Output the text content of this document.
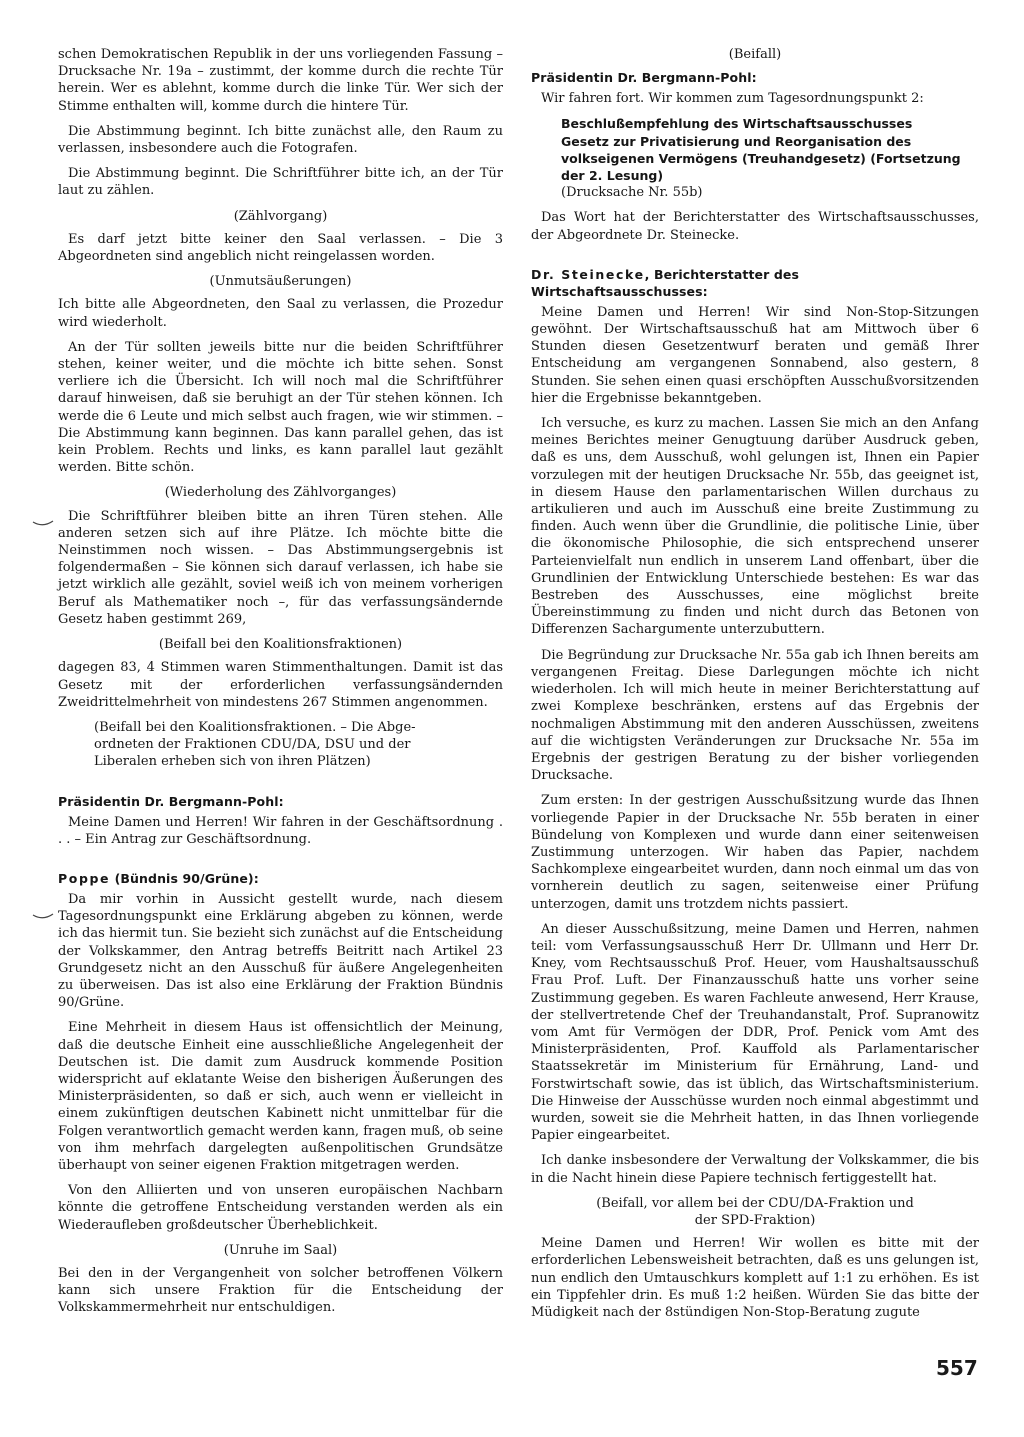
schen Demokratischen Republik in der uns vorliegenden Fassung – Drucksache Nr. 19a – zustimmt, der komme durch die rechte Tür herein. Wer es ablehnt, komme durch die linke Tür. Wer sich der Stimme enthalten will, komme durch die hintere Tür.

Die Abstimmung beginnt. Ich bitte zunächst alle, den Raum zu verlassen, insbesondere auch die Fotografen.

Die Abstimmung beginnt. Die Schriftführer bitte ich, an der Tür laut zu zählen.

(Zählvorgang)

Es darf jetzt bitte keiner den Saal verlassen. – Die 3 Abgeordneten sind angeblich nicht reingelassen worden.

(Unmutsäußerungen)

Ich bitte alle Abgeordneten, den Saal zu verlassen, die Prozedur wird wiederholt.

An der Tür sollten jeweils bitte nur die beiden Schriftführer stehen, keiner weiter, und die möchte ich bitte sehen. Sonst verliere ich die Übersicht. Ich will noch mal die Schriftführer darauf hinweisen, daß sie beruhigt an der Tür stehen können. Ich werde die 6 Leute und mich selbst auch fragen, wie wir stimmen. – Die Abstimmung kann beginnen. Das kann parallel gehen, das ist kein Problem. Rechts und links, es kann parallel laut gezählt werden. Bitte schön.

(Wiederholung des Zählvorganges)

Die Schriftführer bleiben bitte an ihren Türen stehen. Alle anderen setzen sich auf ihre Plätze. Ich möchte bitte die Neinstimmen noch wissen. – Das Abstimmungsergebnis ist folgendermaßen – Sie können sich darauf verlassen, ich habe sie jetzt wirklich alle gezählt, soviel weiß ich von meinem vorherigen Beruf als Mathematiker noch –, für das verfassungsändernde Gesetz haben gestimmt 269,

(Beifall bei den Koalitionsfraktionen)

dagegen 83, 4 Stimmen waren Stimmenthaltungen. Damit ist das Gesetz mit der erforderlichen verfassungsändernden Zweidrittelmehrheit von mindestens 267 Stimmen angenommen.

(Beifall bei den Koalitionsfraktionen. – Die Abge-
ordneten der Fraktionen CDU/DA, DSU und der
Liberalen erheben sich von ihren Plätzen)
Präsidentin Dr. Bergmann-Pohl:

Meine Damen und Herren! Wir fahren in der Geschäftsordnung . . . – Ein Antrag zur Geschäftsordnung.

Poppe (Bündnis 90/Grüne):

Da mir vorhin in Aussicht gestellt wurde, nach diesem Tagesordnungspunkt eine Erklärung abgeben zu können, werde ich das hiermit tun. Sie bezieht sich zunächst auf die Entscheidung der Volkskammer, den Antrag betreffs Beitritt nach Artikel 23 Grundgesetz nicht an den Ausschuß für äußere Angelegenheiten zu überweisen. Das ist also eine Erklärung der Fraktion Bündnis 90/Grüne.

Eine Mehrheit in diesem Haus ist offensichtlich der Meinung, daß die deutsche Einheit eine ausschließliche Angelegenheit der Deutschen ist. Die damit zum Ausdruck kommende Position widerspricht auf eklatante Weise den bisherigen Äußerungen des Ministerpräsidenten, so daß er sich, auch wenn er vielleicht in einem zukünftigen deutschen Kabinett nicht unmittelbar für die Folgen verantwortlich gemacht werden kann, fragen muß, ob seine von ihm mehrfach dargelegten außenpolitischen Grundsätze überhaupt von seiner eigenen Fraktion mitgetragen werden.

Von den Alliierten und von unseren europäischen Nachbarn könnte die getroffene Entscheidung verstanden werden als ein Wiederaufleben großdeutscher Überheblichkeit.

(Unruhe im Saal)

Bei den in der Vergangenheit von solcher betroffenen Völkern kann sich unsere Fraktion für die Entscheidung der Volkskammermehrheit nur entschuldigen.

(Beifall)
Präsidentin Dr. Bergmann-Pohl:

Wir fahren fort. Wir kommen zum Tagesordnungspunkt 2:

Beschlußempfehlung des Wirtschaftsausschusses
Gesetz zur Privatisierung und Reorganisation des volkseigenen Vermögens (Treuhandgesetz) (Fortsetzung der 2. Lesung)
(Drucksache Nr. 55b)

Das Wort hat der Berichterstatter des Wirtschaftsausschusses, der Abgeordnete Dr. Steinecke.

Dr. Steinecke, Berichterstatter des Wirtschaftsausschusses:

Meine Damen und Herren! Wir sind Non-Stop-Sitzungen gewöhnt. Der Wirtschaftsausschuß hat am Mittwoch über 6 Stunden diesen Gesetzentwurf beraten und gemäß Ihrer Entscheidung am vergangenen Sonnabend, also gestern, 8 Stunden. Sie sehen einen quasi erschöpften Ausschußvorsitzenden hier die Ergebnisse bekanntgeben.

Ich versuche, es kurz zu machen. Lassen Sie mich an den Anfang meines Berichtes meiner Genugtuung darüber Ausdruck geben, daß es uns, dem Ausschuß, wohl gelungen ist, Ihnen ein Papier vorzulegen mit der heutigen Drucksache Nr. 55b, das geeignet ist, in diesem Hause den parlamentarischen Willen durchaus zu artikulieren und auch im Ausschuß eine breite Zustimmung zu finden. Auch wenn über die Grundlinie, die politische Linie, über die ökonomische Philosophie, die sich entsprechend unserer Parteienvielfalt nun endlich in unserem Land offenbart, über die Grundlinien der Entwicklung Unterschiede bestehen: Es war das Bestreben des Ausschusses, eine möglichst breite Übereinstimmung zu finden und nicht durch das Betonen von Differenzen Sachargumente unterzubuttern.

Die Begründung zur Drucksache Nr. 55a gab ich Ihnen bereits am vergangenen Freitag. Diese Darlegungen möchte ich nicht wiederholen. Ich will mich heute in meiner Berichterstattung auf zwei Komplexe beschränken, erstens auf das Ergebnis der nochmaligen Abstimmung mit den anderen Ausschüssen, zweitens auf die wichtigsten Veränderungen zur Drucksache Nr. 55a im Ergebnis der gestrigen Beratung zu der bisher vorliegenden Drucksache.

Zum ersten: In der gestrigen Ausschußsitzung wurde das Ihnen vorliegende Papier in der Drucksache Nr. 55b beraten in einer Bündelung von Komplexen und wurde dann einer seitenweisen Zustimmung unterzogen. Wir haben das Papier, nachdem Sachkomplexe eingearbeitet wurden, dann noch einmal um das von vornherein deutlich zu sagen, seitenweise einer Prüfung unterzogen, damit uns trotzdem nichts passiert.

An dieser Ausschußsitzung, meine Damen und Herren, nahmen teil: vom Verfassungsausschuß Herr Dr. Ullmann und Herr Dr. Kney, vom Rechtsausschuß Prof. Heuer, vom Haushaltsausschuß Frau Prof. Luft. Der Finanzausschuß hatte uns vorher seine Zustimmung gegeben. Es waren Fachleute anwesend, Herr Krause, der stellvertretende Chef der Treuhandanstalt, Prof. Supranowitz vom Amt für Vermögen der DDR, Prof. Penick vom Amt des Ministerpräsidenten, Prof. Kauffold als Parlamentarischer Staatssekretär im Ministerium für Ernährung, Land- und Forstwirtschaft sowie, das ist üblich, das Wirtschaftsministerium. Die Hinweise der Ausschüsse wurden noch einmal abgestimmt und wurden, soweit sie die Mehrheit hatten, in das Ihnen vorliegende Papier eingearbeitet.

Ich danke insbesondere der Verwaltung der Volkskammer, die bis in die Nacht hinein diese Papiere technisch fertiggestellt hat.

(Beifall, vor allem bei der CDU/DA-Fraktion und
der SPD-Fraktion)

Meine Damen und Herren! Wir wollen es bitte mit der erforderlichen Lebensweisheit betrachten, daß es uns gelungen ist, nun endlich den Umtauschkurs komplett auf 1:1 zu erhöhen. Es ist ein Tippfehler drin. Es muß 1:2 heißen. Würden Sie das bitte der Müdigkeit nach der 8stündigen Non-Stop-Beratung zugute

557
